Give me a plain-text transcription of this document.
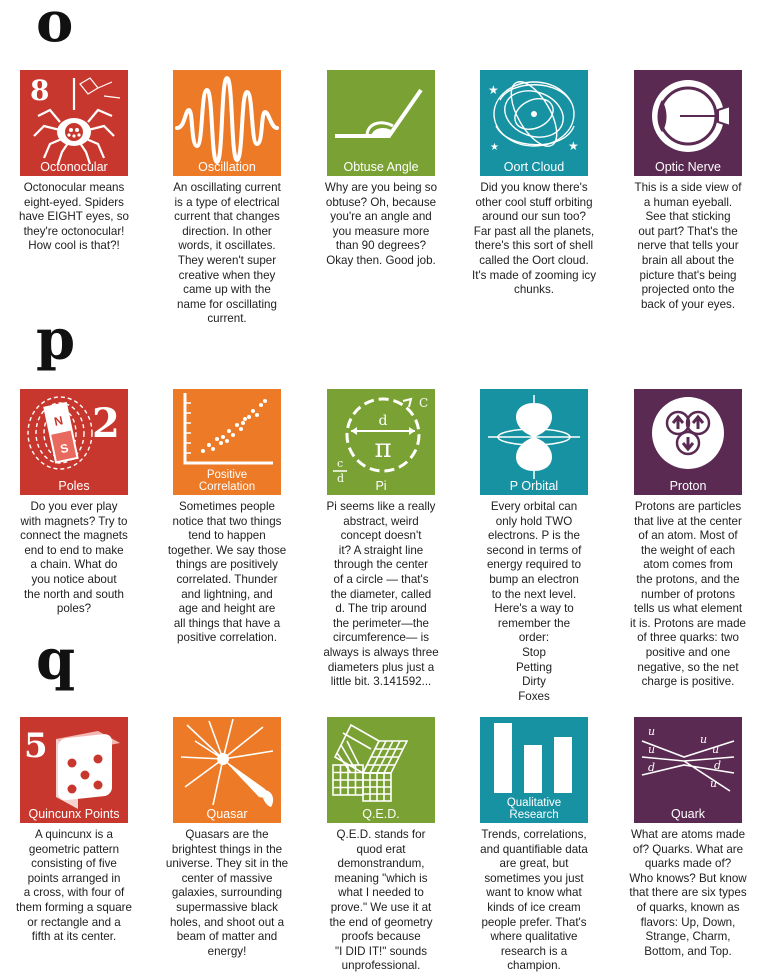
o
p
q
8
Octonocular
Octonocular means
eight-eyed. Spiders
have EIGHT eyes, so
they're octonocular!
How cool is that?!
Oscillation
An oscillating current
is a type of electrical
current that changes
direction. In other
words, it oscillates.
They weren't super
creative when they
came up with the
name for oscillating
current.
Obtuse Angle
Why are you being so
obtuse? Oh, because
you're an angle and
you measure more
than 90 degrees?
Okay then. Good job.
★
★
★
Oort Cloud
Did you know there's
other cool stuff orbiting
around our sun too?
Far past all the planets,
there's this sort of shell
called the Oort cloud.
It's made of zooming icy
chunks.
Optic Nerve
This is a side view of
a human eyeball.
See that sticking
out part? That's the
nerve that tells your
brain all about the
picture that's being
projected onto the
back of your eyes.
N
S
2
Poles
Do you ever play
with magnets? Try to
connect the magnets
end to end to make
a chain. What do
you notice about
the north and south
poles?
Positive
Correlation
Sometimes people
notice that two things
tend to happen
together. We say those
things are positively
correlated. Thunder
and lightning, and
age and height are
all things that have a
positive correlation.
d
π
C
c
d
Pi
Pi seems like a really
abstract, weird
concept doesn't
it? A straight line
through the center
of a circle — that's
the diameter, called
d. The trip around
the perimeter—the
circumference— is
always is always three
diameters plus just a
little bit. 3.141592...
P Orbital
Every orbital can
only hold TWO
electrons. P is the
second in terms of
energy required to
bump an electron
to the next level.
Here's a way to
remember the
order:
Stop
Petting
Dirty
Foxes
Proton
Protons are particles
that live at the center
of an atom. Most of
the weight of each
atom comes from
the protons, and the
number of protons
tells us what element
it is. Protons are made
of three quarks: two
positive and one
negative, so the net
charge is positive.
5
Quincunx Points
A quincunx is a
geometric pattern
consisting of five
points arranged in
a cross, with four of
them forming a square
or rectangle and a
fifth at its center.
Quasar
Quasars are the
brightest things in the
universe. They sit in the
center of massive
galaxies, surrounding
supermassive black
holes, and shoot out a
beam of matter and
energy!
Q.E.D.
Q.E.D. stands for
quod erat
demonstrandum,
meaning "which is
what I needed to
prove." We use it at
the end of geometry
proofs because
"I DID IT!" sounds
unprofessional.
Qualitative
Research
Trends, correlations,
and quantifiable data
are great, but
sometimes you just
want to know what
kinds of ice cream
people prefer. That's
where qualitative
research is a
champion.
u
u
d
u
u
d
u
Quark
What are atoms made
of? Quarks. What are
quarks made of?
Who knows? But know
that there are six types
of quarks, known as
flavors: Up, Down,
Strange, Charm,
Bottom, and Top.
